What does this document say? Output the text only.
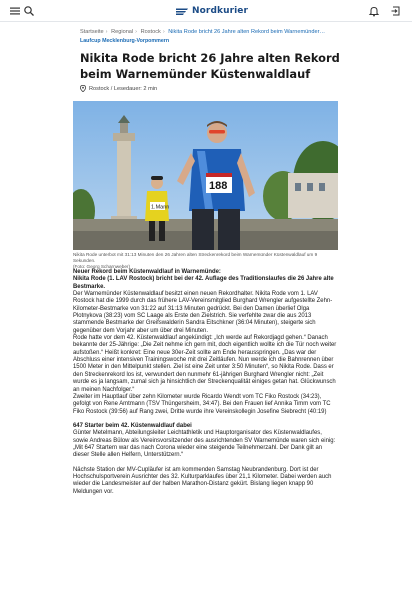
Nordkurier
Startseite › Regional › Rostock › Nikita Rode bricht 26 Jahre alten Rekord beim Warnemünder…
Laufcup Mecklenburg-Vorpommern
Nikita Rode bricht 26 Jahre alten Rekord beim Warnemünder Küstenwaldlauf
Rostock / Lesedauer: 2 min
1.Mann
188
Nikita Rode unterbot mit 31:13 Minuten den 26 Jahren alten Streckenrekord beim Warnemünder Küstenwaldlauf um 9 Sekunden.
(Foto: Georg Scharnweber)

Neuer Rekord beim Küstenwaldlauf in Warnemünde:

Nikita Rode (1. LAV Rostock) bricht bei der 42. Auflage des Traditionslaufes die 26 Jahre alte Bestmarke.

Der Warnemünder Küstenwaldlauf besitzt einen neuen Rekordhalter. Nikita Rode vom 1. LAV Rostock hat die 1999 durch das frühere LAV-Vereinsmitglied Burghard Wrengler aufgestellte Zehn-Kilometer-Bestmarke von 31:22 auf 31:13 Minuten gedrückt. Bei den Damen überlief Olga Plotnykova (38:23) vom SC Laage als Erste den Zielstrich. Sie verfehlte zwar die aus 2013 stammende Bestmarke der Greifswalderin Sandra Eitschkner (36:04 Minuten), steigerte sich gegenüber dem Vorjahr aber um über drei Minuten.

Rode hatte vor dem 42. Küstenwaldlauf angekündigt: „Ich werde auf Rekordjagd gehen.“ Danach bekannte der 25-Jährige: „Die Zeit nehme ich gern mit, doch eigentlich wollte ich die Tür noch weiter aufstoßen.“ Heißt konkret: Eine neue 30er-Zeit sollte am Ende herausspringen. „Das war der Abschluss einer intensiven Trainingswoche mit drei Zeitläufen. Nun werde ich die Bahnrennen über 1500 Meter in den Mittelpunkt stellen. Ziel ist eine Zeit unter 3:50 Minuten“, so Nikita Rode. Dass er den Streckenrekord los ist, verwundert den nunmehr 61-jährigen Burghard Wrengler nicht: „Zeit wurde es ja langsam, zumal sich ja hinsichtlich der Streckenqualität einiges getan hat. Glückwunsch an meinen Nachfolger.“

Zweiter im Hauptlauf über zehn Kilometer wurde Ricardo Wendt vom TC Fiko Rostock (34:23), gefolgt von Rene Amtmann (TSV Thüngersheim, 34:47). Bei den Frauen lief Annika Timm vom TC Fiko Rostock (39:56) auf Rang zwei, Dritte wurde ihre Vereinskollegin Josefine Siebrecht (40:19)

647 Starter beim 42. Küstenwaldlauf dabei

Günter Metelmann, Abteilungsleiter Leichtathletik und Hauptorganisator des Küstenwaldlaufes, sowie Andreas Bülow als Vereinsvorsitzender des ausrichtenden SV Warnemünde waren sich einig: „Mit 647 Startern war das nach Corona wieder eine steigende Teilnehmerzahl. Der Dank gilt an dieser Stelle allen Helfern, Unterstützern.“

Nächste Station der MV-Cupläufer ist am kommenden Samstag Neubrandenburg. Dort ist der Hochschulsportverein Ausrichter des 32. Kulturparklaufes über 21,1 Kilometer. Dabei werden auch wieder die Landesmeister auf der halben Marathon-Distanz gekürt. Bislang liegen knapp 90 Meldungen vor.
